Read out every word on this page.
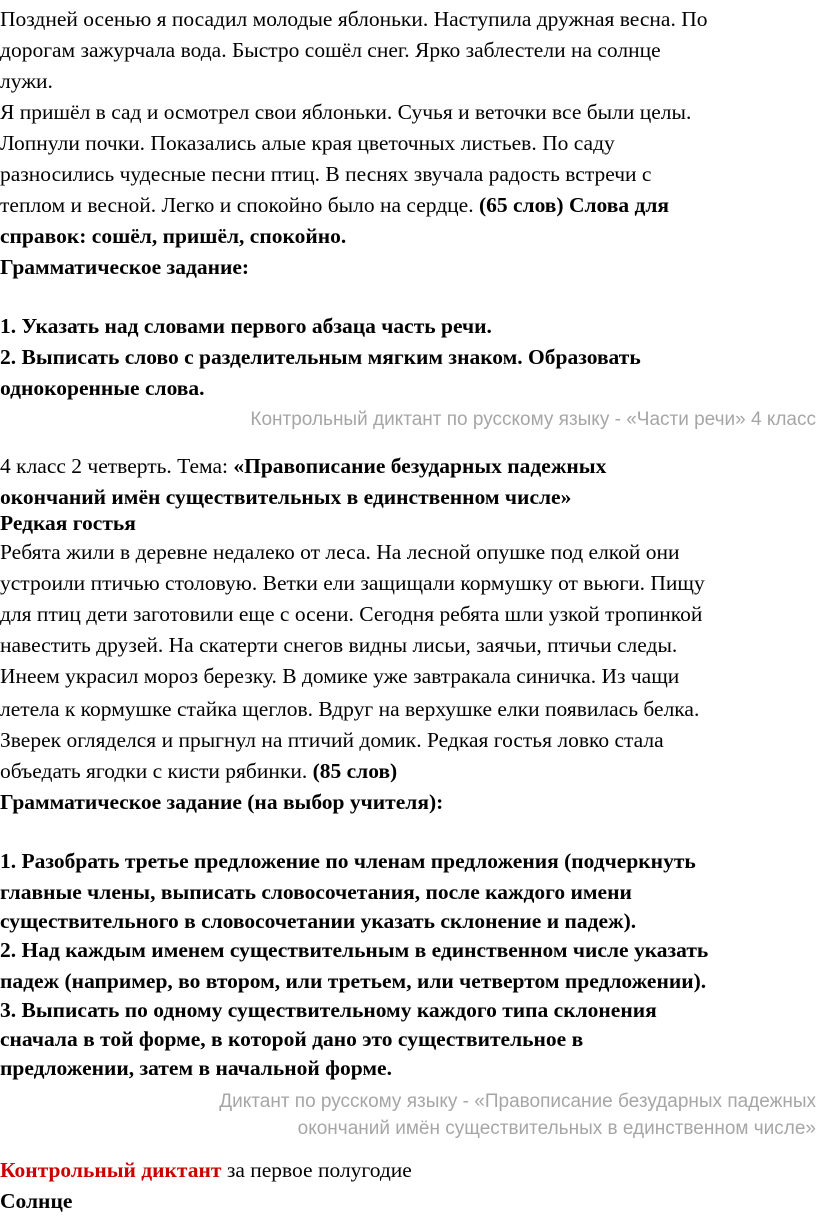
Поздней осенью я посадил молодые яблоньки. Наступила дружная весна. По
дорогам зажурчала вода. Быстро сошёл снег. Ярко заблестели на солнце
лужи.
Я пришёл в сад и осмотрел свои яблоньки. Сучья и веточки все были целы.
Лопнули почки. Показались алые края цветочных листьев. По саду
разносились чудесные песни птиц. В песнях звучала радость встречи с
теплом и весной. Легко и спокойно было на сердце. (65 слов) Слова для
справок: сошёл, пришёл, спокойно.
Грамматическое задание:
1. Указать над словами первого абзаца часть речи.
2. Выписать слово с разделительным мягким знаком. Образовать
однокоренные слова.
Контрольный диктант по русскому языку - «Части речи» 4 класс
4 класс 2 четверть. Тема: «Правописание безударных падежных
окончаний имён существительных в единственном числе»
Редкая гостья
Ребята жили в деревне недалеко от леса. На лесной опушке под елкой они
устроили птичью столовую. Ветки ели защищали кормушку от вьюги. Пищу
для птиц дети заготовили еще с осени. Сегодня ребята шли узкой тропинкой
навестить друзей. На скатерти снегов видны лисьи, заячьи, птичьи следы.
Инеем украсил мороз березку. В домике уже завтракала синичка. Из чащи
летела к кормушке стайка щеглов. Вдруг на верхушке елки появилась белка.
Зверек огляделся и прыгнул на птичий домик. Редкая гостья ловко стала
объедать ягодки с кисти рябинки. (85 слов)
Грамматическое задание (на выбор учителя):
1. Разобрать третье предложение по членам предложения (подчеркнуть
главные члены, выписать словосочетания, после каждого имени
существительного в словосочетании указать склонение и падеж).
2. Над каждым именем существительным в единственном числе указать
падеж (например, во втором, или третьем, или четвертом предложении).
3. Выписать по одному существительному каждого типа склонения
сначала в той форме, в которой дано это существительное в
предложении, затем в начальной форме.
Диктант по русскому языку - «Правописание безударных падежных
окончаний имён существительных в единственном числе»
Контрольный диктант за первое полугодие
Солнце
